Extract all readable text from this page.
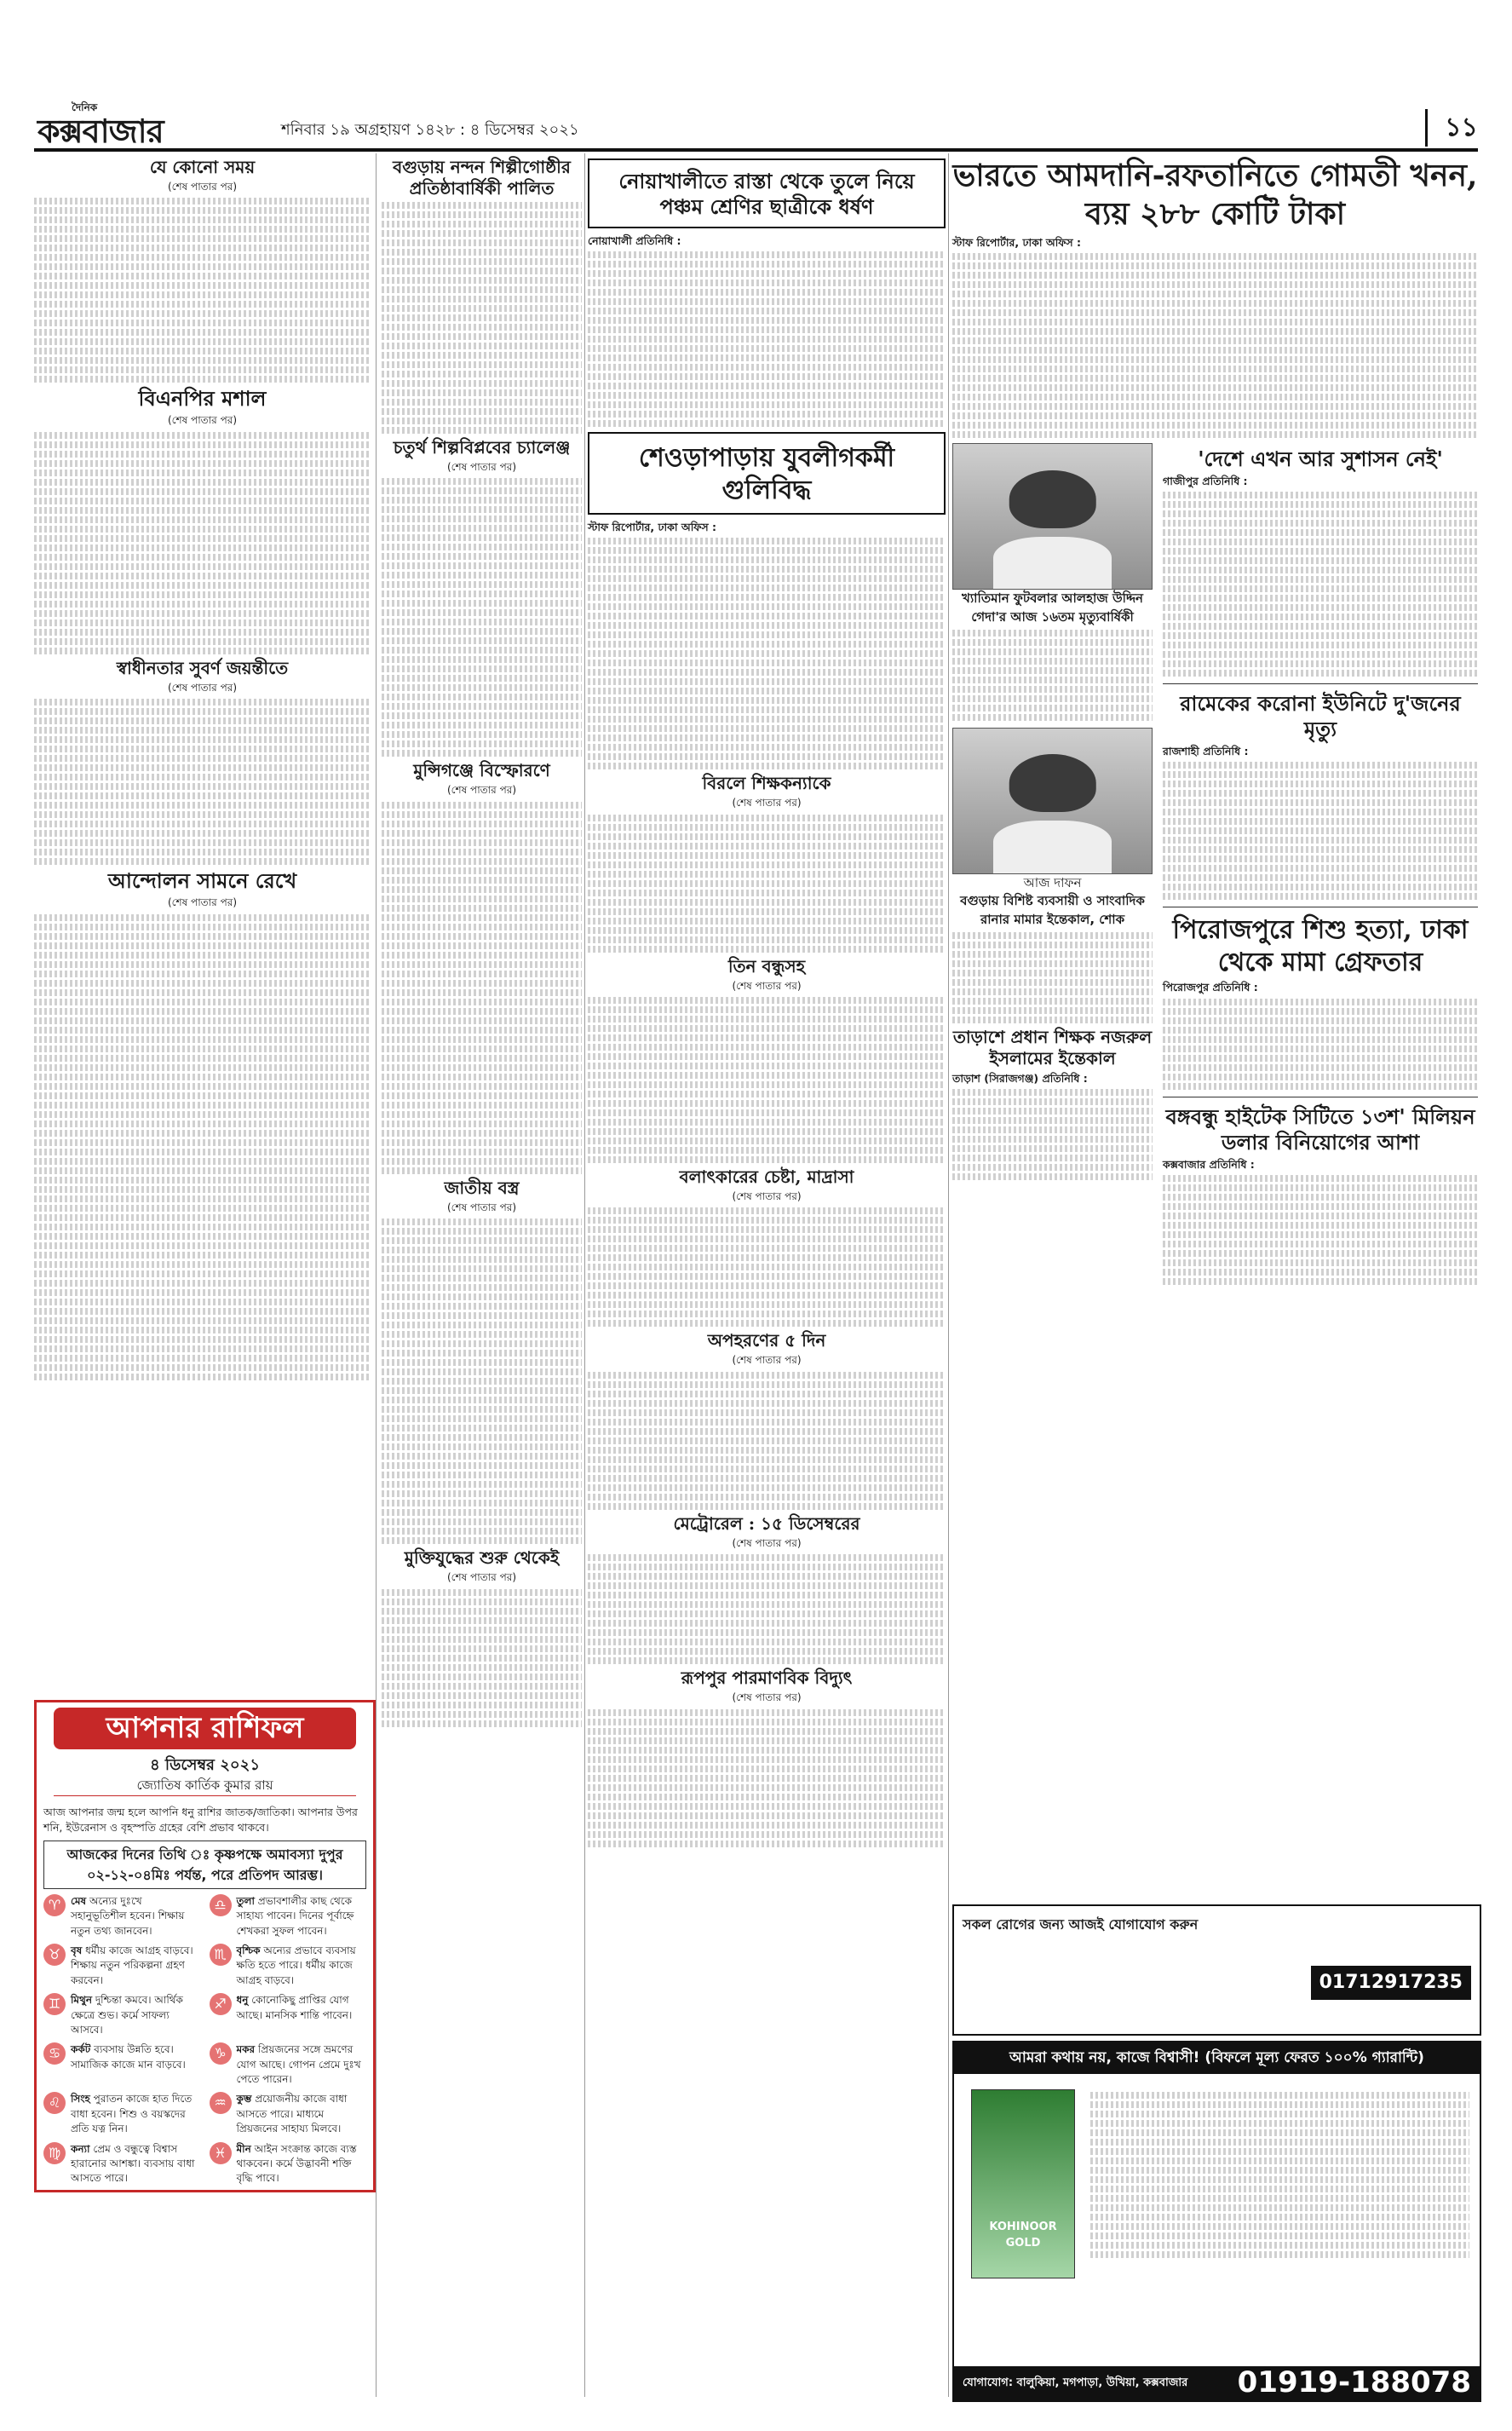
দৈনিক
কক্সবাজার	শনিবার ১৯ অগ্রহায়ণ ১৪২৮ : ৪ ডিসেম্বর ২০২১	১১
যে কোনো সময়
(শেষ পাতার পর)
বিএনপির মশাল
(শেষ পাতার পর)
স্বাধীনতার সুবর্ণ জয়ন্তীতে
(শেষ পাতার পর)
আন্দোলন সামনে রেখে
(শেষ পাতার পর)
আপনার রাশিফল
৪ ডিসেম্বর ২০২১
জ্যোতিষ কার্তিক কুমার রায়
আজ আপনার জন্ম হলে আপনি ধনু রাশির জাতক/জাতিকা। আপনার উপর শনি, ইউরেনাস ও বৃহস্পতি গ্রহের বেশি প্রভাব থাকবে।
আজকের দিনের তিথি ঃ কৃষ্ণপক্ষে অমাবস্যা দুপুর ০২-১২-০৪মিঃ পর্যন্ত, পরে প্রতিপদ আরম্ভ।
♈ মেষ অন্যের দুঃখে সহানুভূতিশীল হবেন। শিক্ষায় নতুন তথ্য জানবেন।
♎ তুলা প্রভাবশালীর কাছ থেকে সাহায্য পাবেন। দিনের পূর্বাহ্নে শেখকরা সুফল পাবেন।
♉ বৃষ ধর্মীয় কাজে আগ্রহ বাড়বে। শিক্ষায় নতুন পরিকল্পনা গ্রহণ করবেন।
♏ বৃশ্চিক অন্যের প্রভাবে ব্যবসায় ক্ষতি হতে পারে। ধর্মীয় কাজে আগ্রহ বাড়বে।
♊ মিথুন দুশ্চিন্তা কমবে। আর্থিক ক্ষেত্রে শুভ। কর্মে সাফল্য আসবে।
♐ ধনু কোনোকিছু প্রাপ্তির যোগ আছে। মানসিক শান্তি পাবেন।
♋ কর্কট ব্যবসায় উন্নতি হবে। সামাজিক কাজে মান বাড়বে।
♑ মকর প্রিয়জনের সঙ্গে ভ্রমণের যোগ আছে। গোপন প্রেমে দুঃখ পেতে পারেন।
♌ সিংহ পুরাতন কাজে হাত দিতে বাধা হবেন। শিশু ও বয়স্কদের প্রতি যত্ন নিন।
♒ কুম্ভ প্রয়োজনীয় কাজে বাধা আসতে পারে। মাধ্যমে প্রিয়জনের সাহায্য মিলবে।
♍ কন্যা প্রেম ও বন্ধুত্বে বিশ্বাস হারানোর আশঙ্কা। ব্যবসায় বাধা আসতে পারে।
♓ মীন আইন সংক্রান্ত কাজে ব্যস্ত থাকবেন। কর্মে উদ্ভাবনী শক্তি বৃদ্ধি পাবে।
বগুড়ায় নন্দন শিল্পীগোষ্ঠীর প্রতিষ্ঠাবার্ষিকী পালিত
চতুর্থ শিল্পবিপ্লবের চ্যালেঞ্জ
(শেষ পাতার পর)
মুন্সিগঞ্জে বিস্ফোরণে
(শেষ পাতার পর)
জাতীয় বস্ত্র
(শেষ পাতার পর)
মুক্তিযুদ্ধের শুরু থেকেই
(শেষ পাতার পর)
নোয়াখালীতে রাস্তা থেকে তুলে নিয়ে পঞ্চম শ্রেণির ছাত্রীকে ধর্ষণ
নোয়াখালী প্রতিনিধি :
শেওড়াপাড়ায় যুবলীগকর্মী গুলিবিদ্ধ
স্টাফ রিপোর্টার, ঢাকা অফিস :
বিরলে শিক্ষকন্যাকে
(শেষ পাতার পর)
তিন বন্ধুসহ
(শেষ পাতার পর)
বলাৎকারের চেষ্টা, মাদ্রাসা
(শেষ পাতার পর)
অপহরণের ৫ দিন
(শেষ পাতার পর)
মেট্রোরেল : ১৫ ডিসেম্বরের
(শেষ পাতার পর)
রূপপুর পারমাণবিক বিদ্যুৎ
(শেষ পাতার পর)
ভারতে আমদানি-রফতানিতে গোমতী খনন, ব্যয় ২৮৮ কোটি টাকা
স্টাফ রিপোর্টার, ঢাকা অফিস :
খ্যাতিমান ফুটবলার আলহাজ উদ্দিন গেদা'র আজ ১৬তম মৃত্যুবার্ষিকী
আজ দাফন
বগুড়ায় বিশিষ্ট ব্যবসায়ী ও সাংবাদিক রানার মামার ইন্তেকাল, শোক
তাড়াশে প্রধান শিক্ষক নজরুল ইসলামের ইন্তেকাল
তাড়াশ (সিরাজগঞ্জ) প্রতিনিধি :
'দেশে এখন আর সুশাসন নেই'
গাজীপুর প্রতিনিধি :
রামেকের করোনা ইউনিটে দু'জনের মৃত্যু
রাজশাহী প্রতিনিধি :
পিরোজপুরে শিশু হত্যা, ঢাকা থেকে মামা গ্রেফতার
পিরোজপুর প্রতিনিধি :
বঙ্গবন্ধু হাইটেক সিটিতে ১৩শ' মিলিয়ন ডলার বিনিয়োগের আশা
কক্সবাজার প্রতিনিধি :
সকল রোগের জন্য আজই যোগাযোগ করুন
01712917235
আমরা কথায় নয়, কাজে বিশ্বাসী! (বিফলে মূল্য ফেরত ১০০% গ্যারান্টি)
KOHINOOR GOLD
যোগাযোগ: বালুকিয়া, মগপাড়া, উখিয়া, কক্সবাজার 01919-188078
